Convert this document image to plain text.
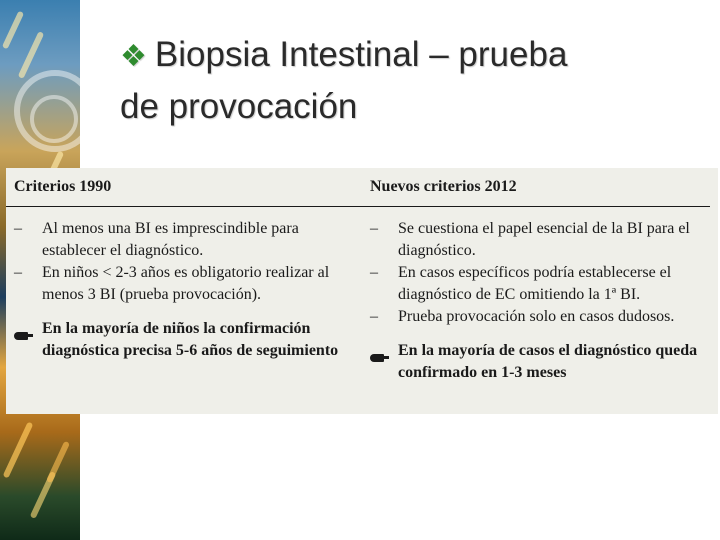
❖ Biopsia Intestinal – prueba
de provocación
Criterios 1990
–	Al menos una BI es imprescindible para establecer el diagnóstico.
–	En niños < 2-3 años es obligatorio realizar al menos 3 BI (prueba provocación).
En la mayoría de niños la confirmación diagnóstica precisa 5-6 años de seguimiento
Nuevos criterios 2012
–	Se cuestiona el papel esencial de la BI para el diagnóstico.
–	En casos específicos podría establecerse el diagnóstico de EC omitiendo la 1ª BI.
–	Prueba provocación solo en casos dudosos.
En la mayoría de casos el diagnóstico queda confirmado en 1-3 meses
